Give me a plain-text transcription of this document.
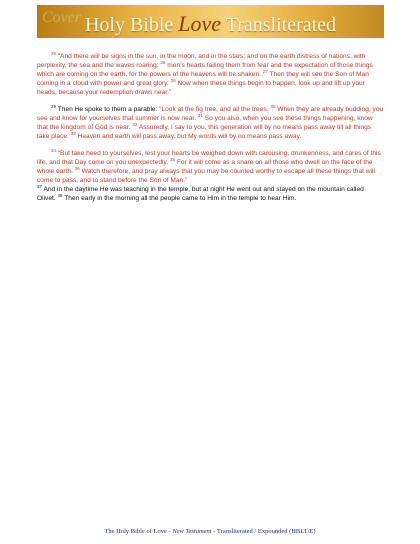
Cover Holy Bible Love Transliterated

$^{25}$ “And there will be signs in the sun, in the moon, and in the stars; and on the earth distress of nations, with perplexity, the sea and the waves roaring; $^{26}$ men’s hearts failing them from fear and the expectation of those things which are coming on the earth, for the powers of the heavens will be shaken. $^{27}$ Then they will see the Son of Man coming in a cloud with power and great glory. $^{28}$ Now when these things begin to happen, look up and lift up your heads, because your redemption draws near.”

$^{29}$ Then He spoke to them a parable: “Look at the fig tree, and all the trees. $^{30}$ When they are already budding, you see and know for yourselves that summer is now near. $^{31}$ So you also, when you see these things happening, know that the kingdom of God is near. $^{32}$ Assuredly, I say to you, this generation will by no means pass away till all things take place. $^{33}$ Heaven and earth will pass away, but My words will by no means pass away.

$^{34}$ “But take heed to yourselves, lest your hearts be weighed down with carousing, drunkenness, and cares of this life, and that Day come on you unexpectedly. $^{35}$ For it will come as a snare on all those who dwell on the face of the whole earth. $^{36}$ Watch therefore, and pray always that you may be counted worthy to escape all these things that will come to pass, and to stand before the Son of Man.”
$^{37}$ And in the daytime He was teaching in the temple, but at night He went out and stayed on the mountain called Olivet. $^{38}$ Then early in the morning all the people came to Him in the temple to hear Him.

The Holy Bible of Love - New Testament - Transliterated / Expounded (HBLT/E)
